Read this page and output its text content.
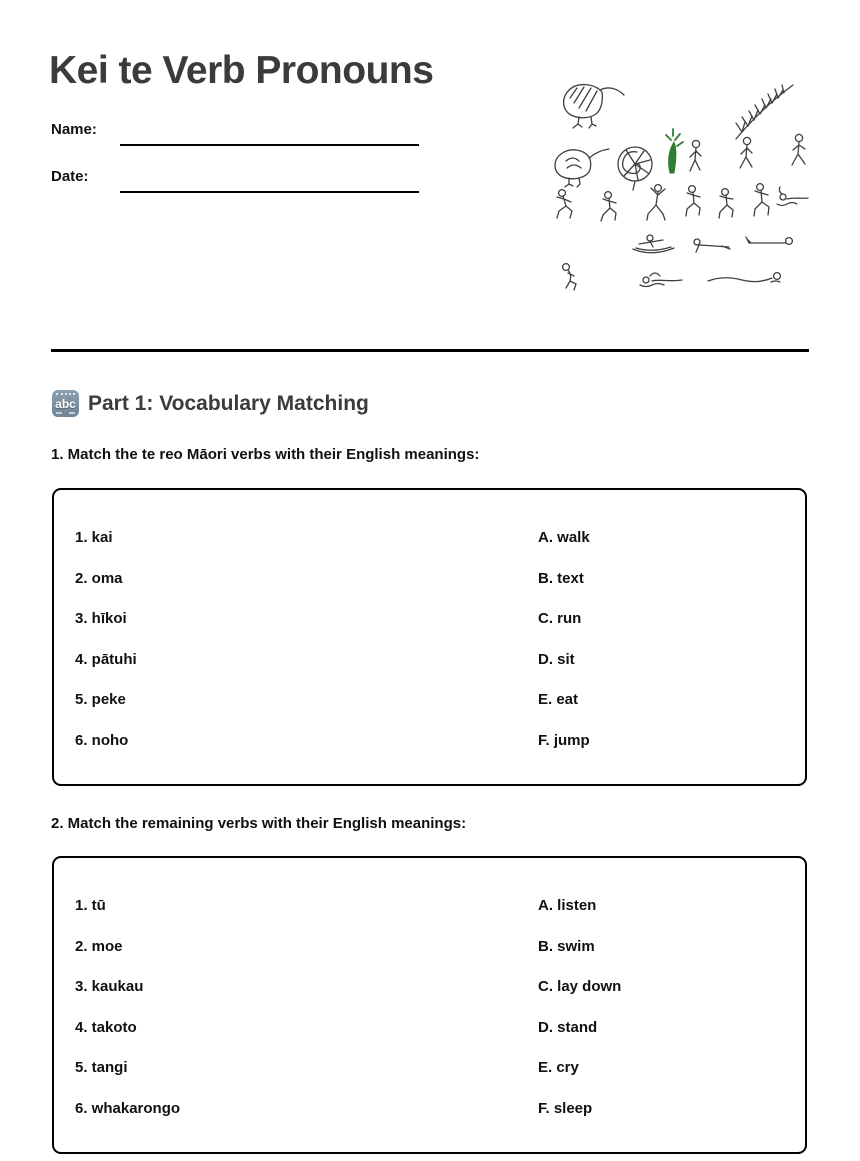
Kei te Verb Pronouns
Name:
Date:
abc Part 1: Vocabulary Matching

1. Match the te reo Māori verbs with their English meanings:

1. kai
2. oma
3. hīkoi
4. pātuhi
5. peke
6. noho
A. walk
B. text
C. run
D. sit
E. eat
F. jump

2. Match the remaining verbs with their English meanings:

1. tū
2. moe
3. kaukau
4. takoto
5. tangi
6. whakarongo
A. listen
B. swim
C. lay down
D. stand
E. cry
F. sleep
